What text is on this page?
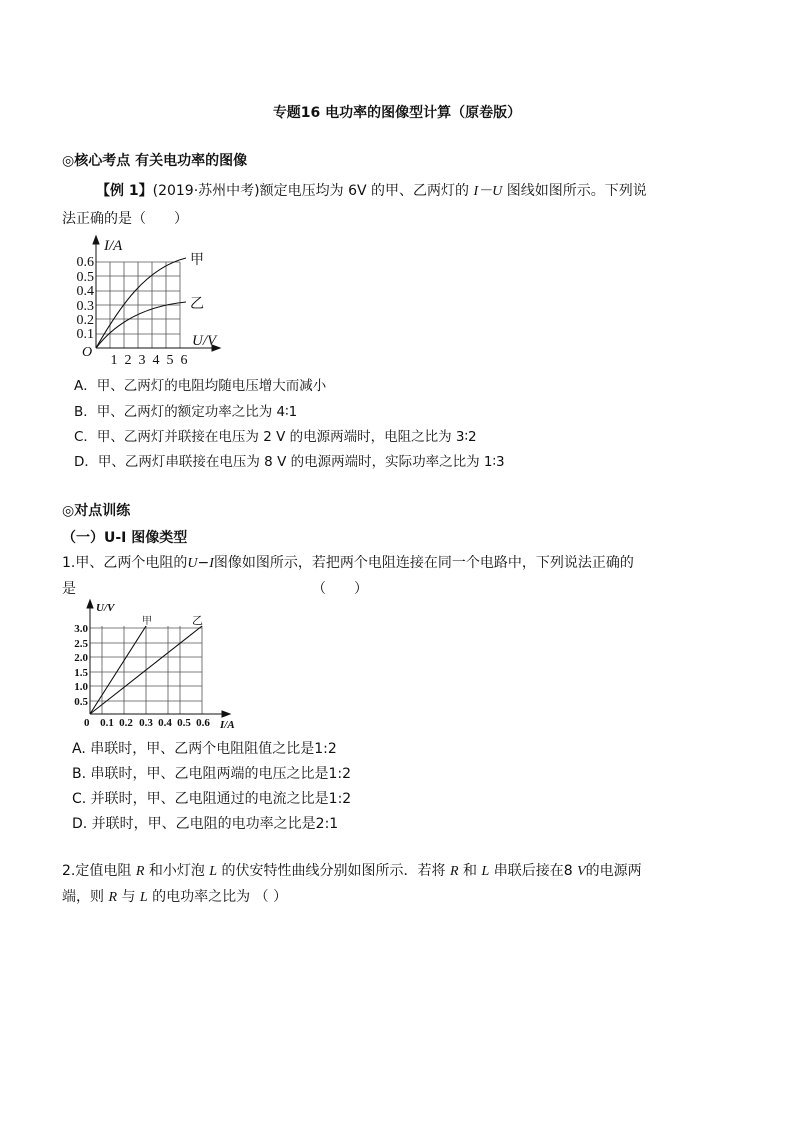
专题16 电功率的图像型计算（原卷版）
◎核心考点 有关电功率的图像
【例 1】(2019·苏州中考)额定电压均为 6V 的甲、乙两灯的 I－U 图线如图所示。下列说
法正确的是（　　）
I/A
U/V
O
0.6
0.5
0.4
0.3
0.2
0.1
1 2 3 4 5 6
甲
乙
A．甲、乙两灯的电阻均随电压增大而减小
B．甲、乙两灯的额定功率之比为 4∶1
C．甲、乙两灯并联接在电压为 2 V 的电源两端时，电阻之比为 3∶2
D．甲、乙两灯串联接在电压为 8 V 的电源两端时，实际功率之比为 1∶3
◎对点训练
（一）U-I 图像类型
1.甲、乙两个电阻的U−I图像如图所示，若把两个电阻连接在同一个电路中，下列说法正确的
是	（　　）
U/V
I/A
0
3.0
2.5
2.0
1.5
1.0
0.5
0.1 0.2 0.3 0.4 0.5 0.6
甲	乙
A. 串联时，甲、乙两个电阻阻值之比是1:2
B. 串联时，甲、乙电阻两端的电压之比是1:2
C. 并联时，甲、乙电阻通过的电流之比是1:2
D. 并联时，甲、乙电阻的电功率之比是2:1
2.定值电阻 R 和小灯泡 L 的伏安特性曲线分别如图所示．若将 R 和 L 串联后接在8 V的电源两
端，则 R 与 L 的电功率之比为 （ ）
